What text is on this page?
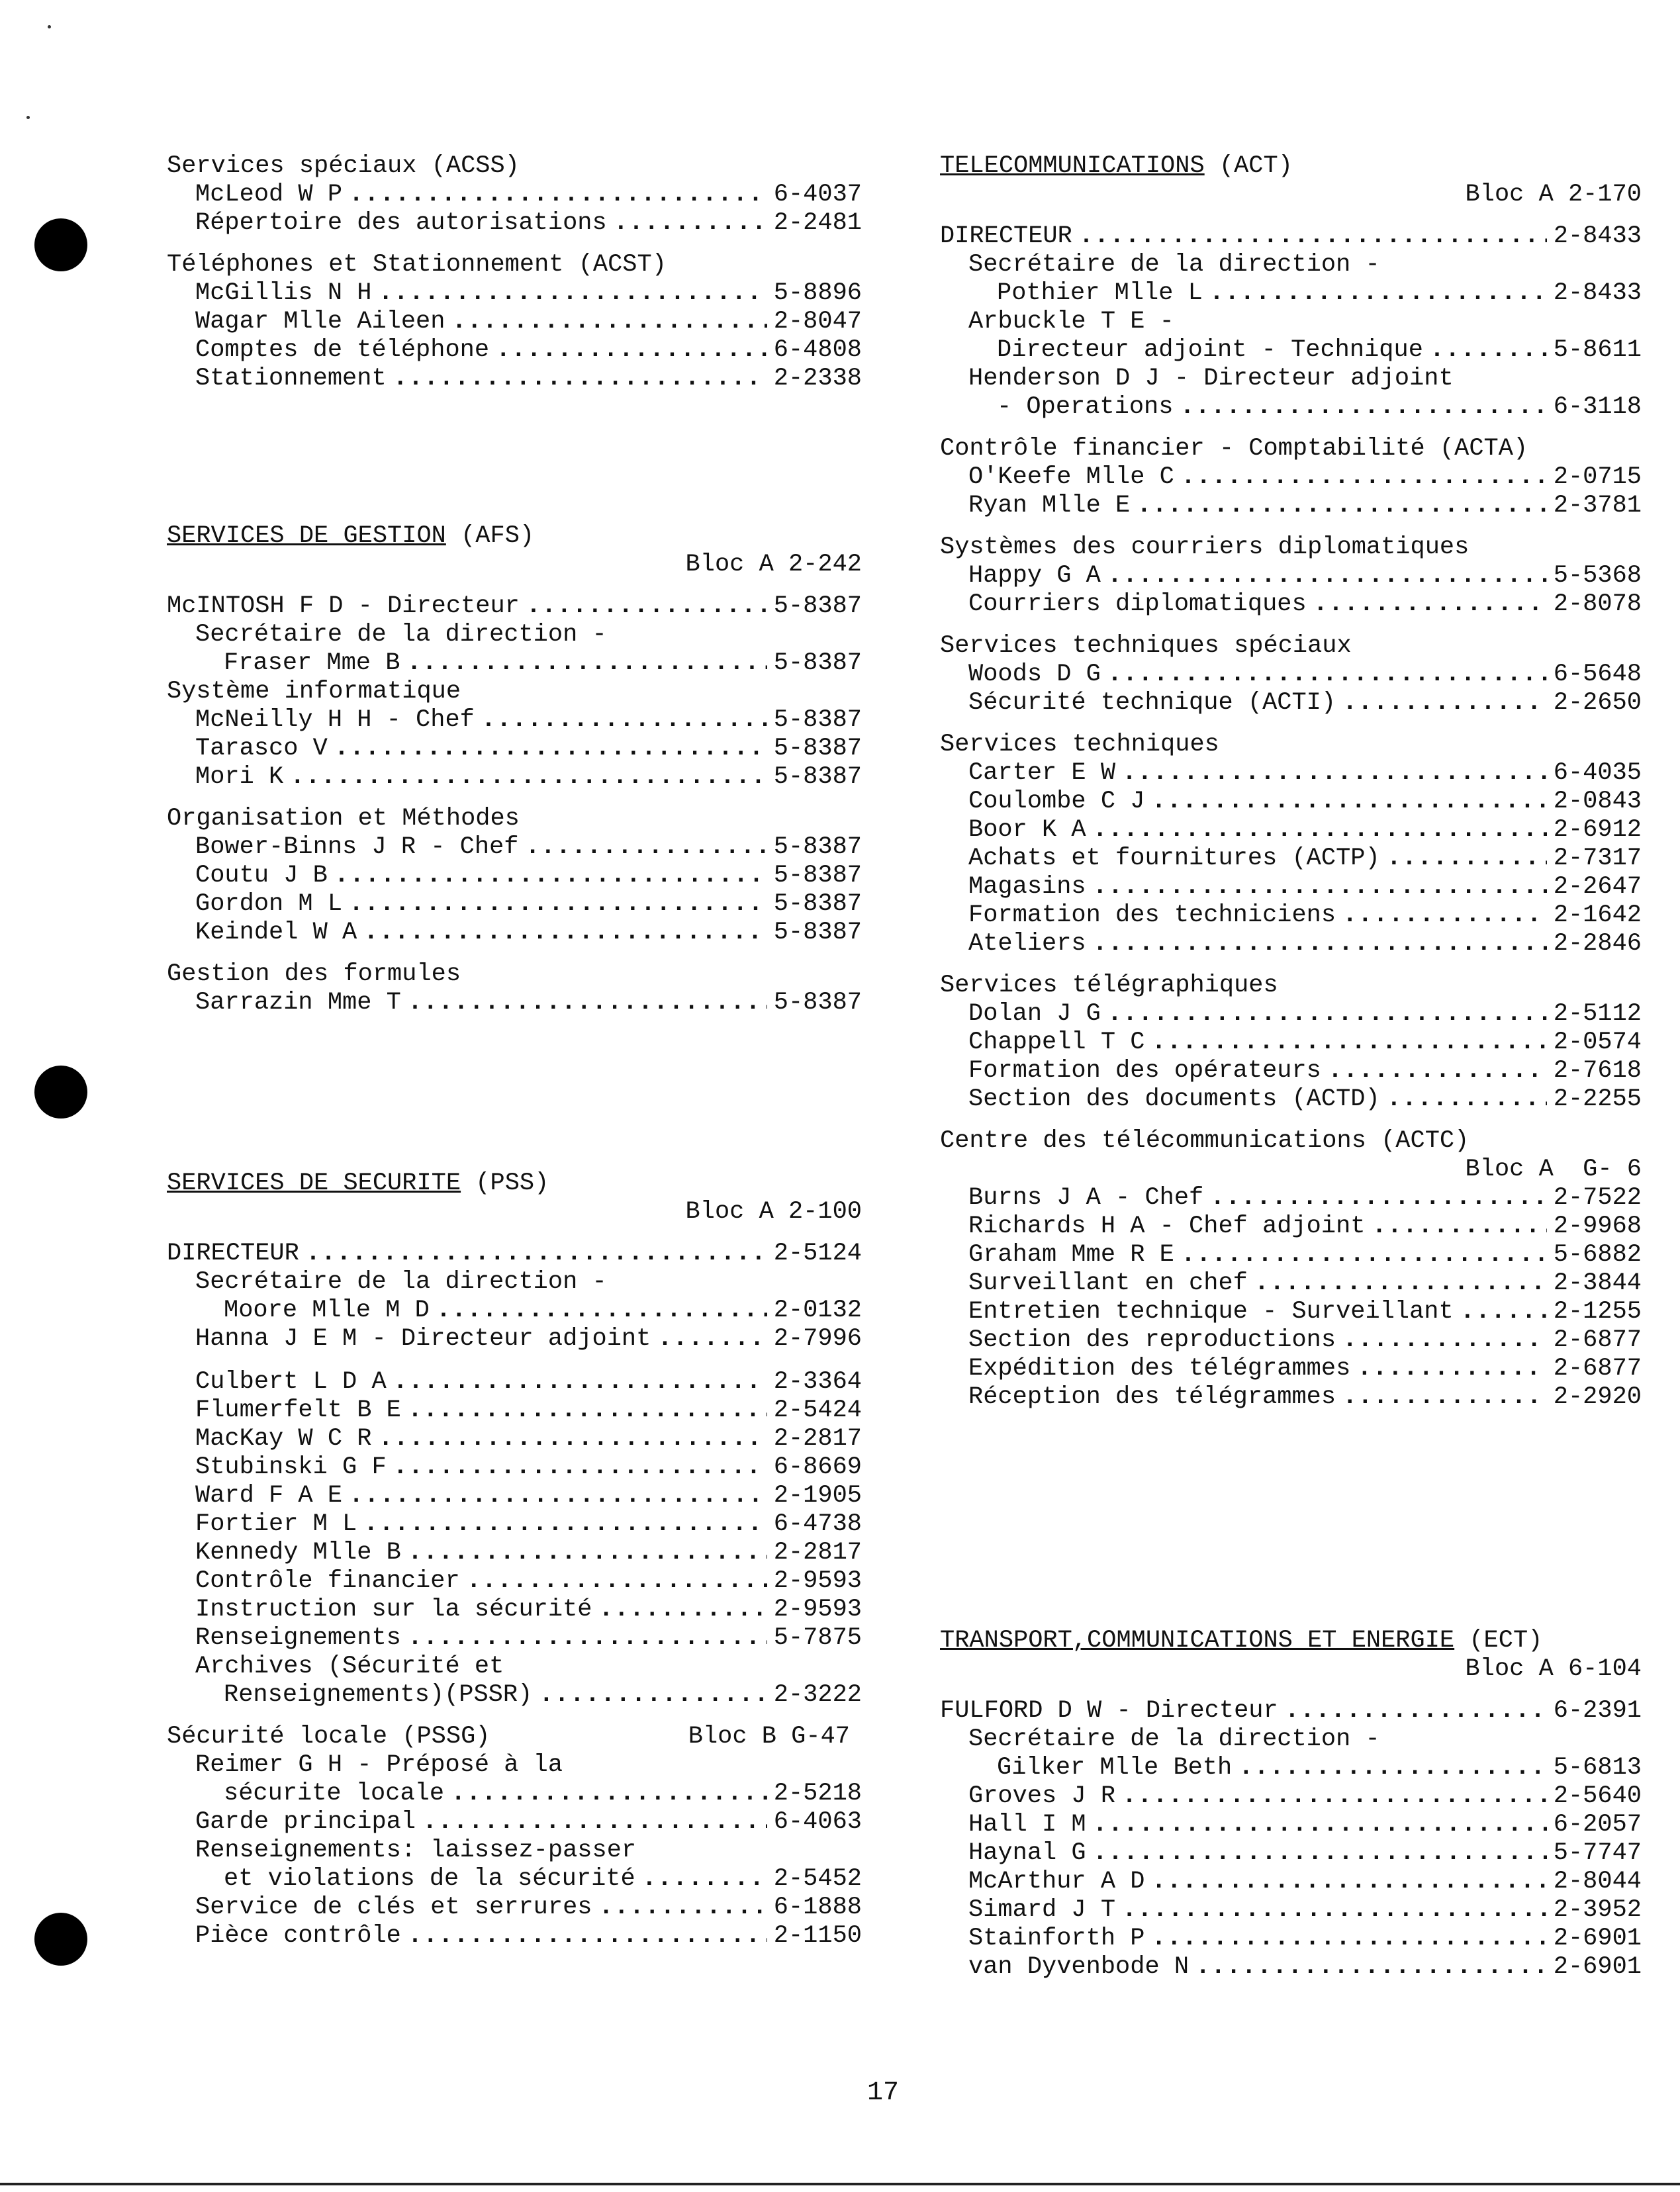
Services spéciaux (ACSS)
McLeod W P .....	6-4037
Répertoire des autorisations .....	2-2481
Téléphones et Stationnement (ACST)
McGillis N H .....	5-8896
Wagar Mlle Aileen .....	2-8047
Comptes de téléphone .....	6-4808
Stationnement .....	2-2338
SERVICES DE GESTION (AFS)
Bloc A 2-242
McINTOSH F D - Directeur .....	5-8387
Secrétaire de la direction -
Fraser Mme B .....	5-8387
Système informatique
McNeilly H H - Chef .....	5-8387
Tarasco V .....	5-8387
Mori K .....	5-8387
Organisation et Méthodes
Bower-Binns J R - Chef .....	5-8387
Coutu J B .....	5-8387
Gordon M L .....	5-8387
Keindel W A .....	5-8387
Gestion des formules
Sarrazin Mme T .....	5-8387
SERVICES DE SECURITE (PSS)
Bloc A 2-100
DIRECTEUR .....	2-5124
Secrétaire de la direction -
Moore Mlle M D .....	2-0132
Hanna J E M - Directeur adjoint .....	2-7996
Culbert L D A .....	2-3364
Flumerfelt B E .....	2-5424
MacKay W C R .....	2-2817
Stubinski G F .....	6-8669
Ward F A E .....	2-1905
Fortier M L .....	6-4738
Kennedy Mlle B .....	2-2817
Contrôle financier .....	2-9593
Instruction sur la sécurité .....	2-9593
Renseignements .....	5-7875
Archives (Sécurité et
Renseignements)(PSSR) .....	2-3222
Sécurité locale (PSSG)	Bloc B G-47
Reimer G H - Préposé à la
sécurite locale .....	2-5218
Garde principal .....	6-4063
Renseignements: laissez-passer
et violations de la sécurité .....	2-5452
Service de clés et serrures .....	6-1888
Pièce contrôle .....	2-1150
TELECOMMUNICATIONS (ACT)
Bloc A 2-170
DIRECTEUR .....	2-8433
Secrétaire de la direction -
Pothier Mlle L .....	2-8433
Arbuckle T E -
Directeur adjoint - Technique .....	5-8611
Henderson D J - Directeur adjoint
- Operations .....	6-3118
Contrôle financier - Comptabilité (ACTA)
O'Keefe Mlle C .....	2-0715
Ryan Mlle E .....	2-3781
Systèmes des courriers diplomatiques
Happy G A .....	5-5368
Courriers diplomatiques .....	2-8078
Services techniques spéciaux
Woods D G .....	6-5648
Sécurité technique (ACTI) .....	2-2650
Services techniques
Carter E W .....	6-4035
Coulombe C J .....	2-0843
Boor K A .....	2-6912
Achats et fournitures (ACTP) .....	2-7317
Magasins .....	2-2647
Formation des techniciens .....	2-1642
Ateliers .....	2-2846
Services télégraphiques
Dolan J G .....	2-5112
Chappell T C .....	2-0574
Formation des opérateurs .....	2-7618
Section des documents (ACTD) .....	2-2255
Centre des télécommunications (ACTC)
Bloc A  G- 6
Burns J A - Chef .....	2-7522
Richards H A - Chef adjoint .....	2-9968
Graham Mme R E .....	5-6882
Surveillant en chef .....	2-3844
Entretien technique - Surveillant .....	2-1255
Section des reproductions .....	2-6877
Expédition des télégrammes .....	2-6877
Réception des télégrammes .....	2-2920
TRANSPORT,COMMUNICATIONS ET ENERGIE (ECT)
Bloc A 6-104
FULFORD D W - Directeur .....	6-2391
Secrétaire de la direction -
Gilker Mlle Beth .....	5-6813
Groves J R .....	2-5640
Hall I M .....	6-2057
Haynal G .....	5-7747
McArthur A D .....	2-8044
Simard J T .....	2-3952
Stainforth P .....	2-6901
van Dyvenbode N .....	2-6901
17
